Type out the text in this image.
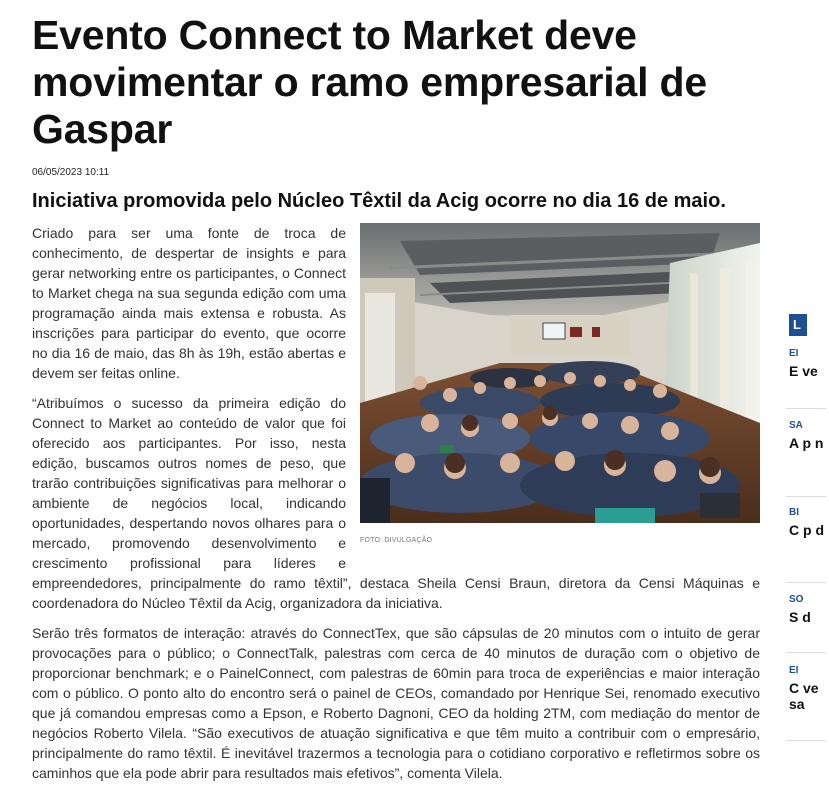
Evento Connect to Market deve movimentar o ramo empresarial de Gaspar
06/05/2023 10:11
Iniciativa promovida pelo Núcleo Têxtil da Acig ocorre no dia 16 de maio.
FOTO: DIVULGAÇÃO

Criado para ser uma fonte de troca de conhecimento, de despertar de insights e para gerar networking entre os participantes, o Connect to Market chega na sua segunda edição com uma programação ainda mais extensa e robusta. As inscrições para participar do evento, que ocorre no dia 16 de maio, das 8h às 19h, estão abertas e devem ser feitas online.

“Atribuímos o sucesso da primeira edição do Connect to Market ao conteúdo de valor que foi oferecido aos participantes. Por isso, nesta edição, buscamos outros nomes de peso, que trarão contribuições significativas para melhorar o ambiente de negócios local, indicando oportunidades, despertando novos olhares para o mercado, promovendo desenvolvimento e crescimento profissional para líderes e empreendedores, principalmente do ramo têxtil”, destaca Sheila Censi Braun, diretora da Censi Máquinas e coordenadora do Núcleo Têxtil da Acig, organizadora da iniciativa.

Serão três formatos de interação: através do ConnectTex, que são cápsulas de 20 minutos com o intuito de gerar provocações para o público; o ConnectTalk, palestras com cerca de 40 minutos de duração com o objetivo de proporcionar benchmark; e o PainelConnect, com palestras de 60min para troca de experiências e maior interação com o público. O ponto alto do encontro será o painel de CEOs, comandado por Henrique Sei, renomado executivo que já comandou empresas como a Epson, e Roberto Dagnoni, CEO da holding 2TM, com mediação do mentor de negócios Roberto Vilela. “São executivos de atuação significativa e que têm muito a contribuir com o empresário, principalmente do ramo têxtil. É inevitável trazermos a tecnologia para o cotidiano corporativo e refletirmos sobre os caminhos que ela pode abrir para resultados mais efetivos”, comenta Vilela.

L
EI
E ve
SA
A p n
BI
C p d
SO
S d
EI
C ve sa
